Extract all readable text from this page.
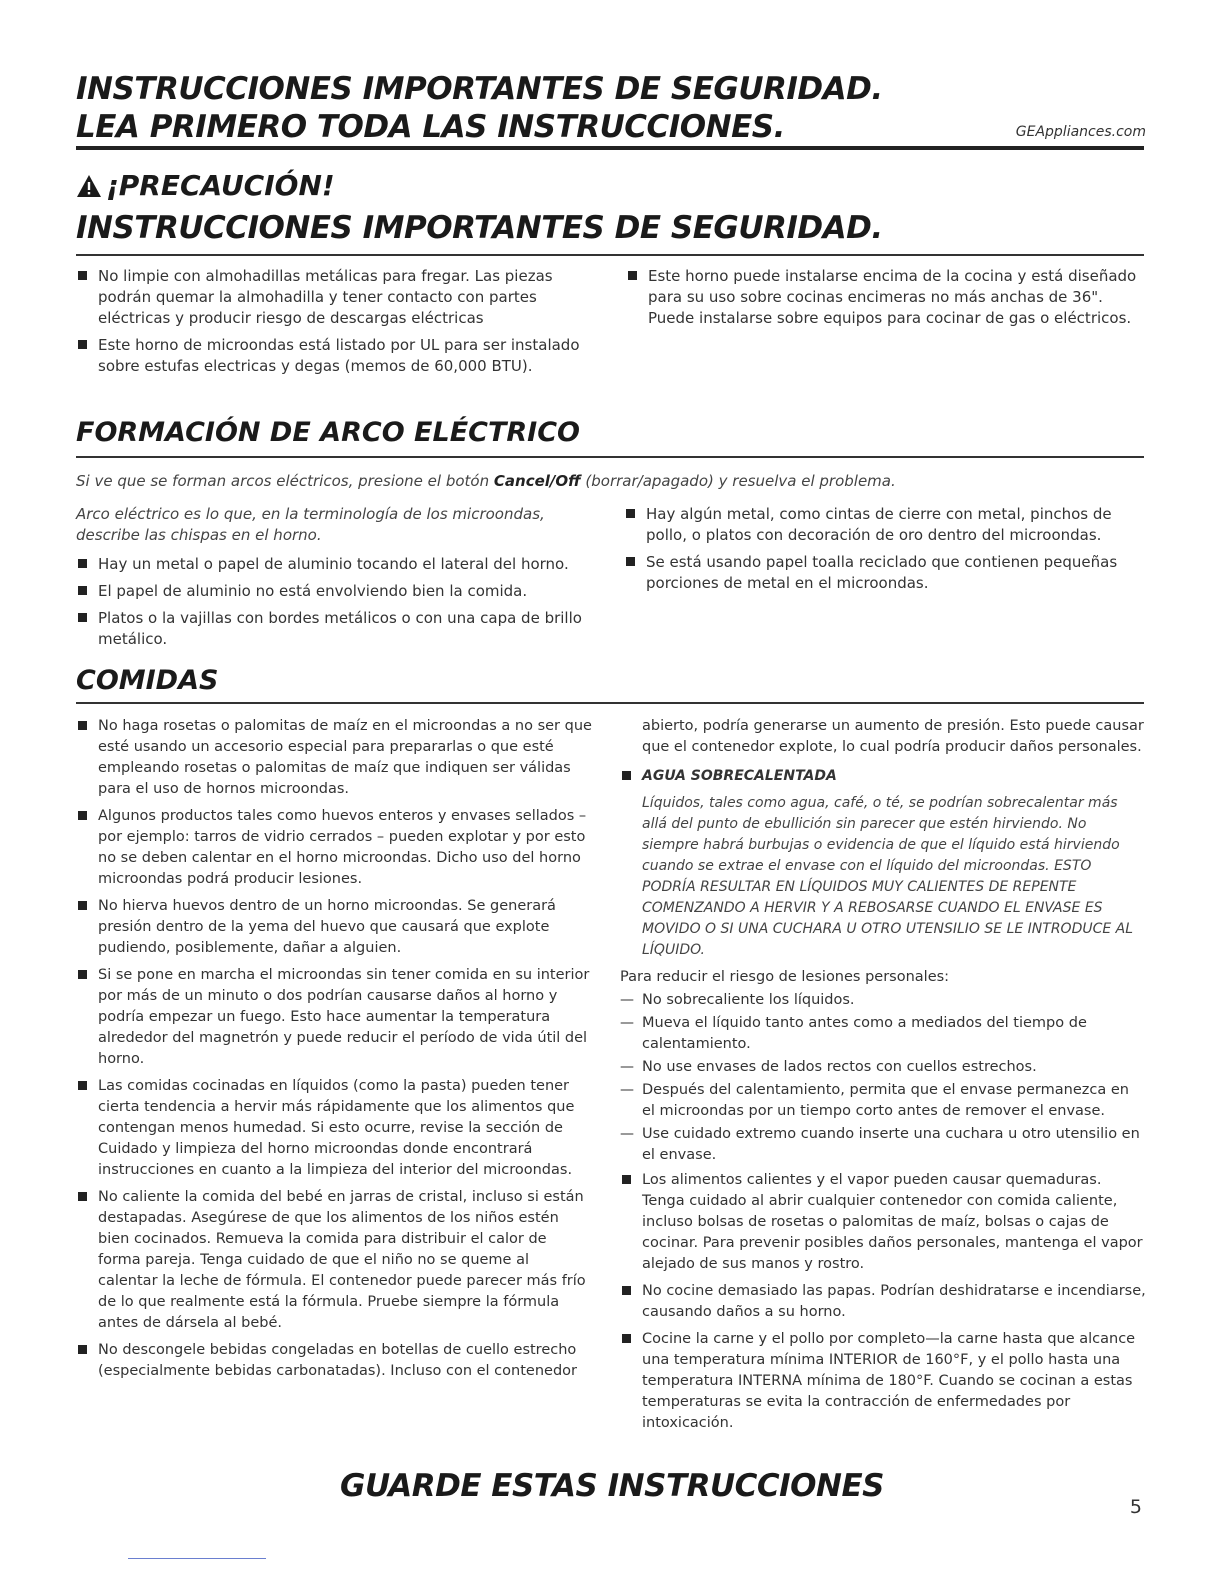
INSTRUCCIONES IMPORTANTES DE SEGURIDAD.
LEA PRIMERO TODA LAS INSTRUCCIONES.	GEAppliances.com
¡PRECAUCIÓN!
INSTRUCCIONES IMPORTANTES DE SEGURIDAD.
No limpie con almohadillas metálicas para fregar. Las piezas podrán quemar la almohadilla y tener contacto con partes eléctricas y producir riesgo de descargas eléctricas
Este horno de microondas está listado por UL para ser instalado sobre estufas electricas y degas (memos de 60,000 BTU).
Este horno puede instalarse encima de la cocina y está diseñado para su uso sobre cocinas encimeras no más anchas de 36". Puede instalarse sobre equipos para cocinar de gas o eléctricos.
FORMACIÓN DE ARCO ELÉCTRICO
Si ve que se forman arcos eléctricos, presione el botón Cancel/Off (borrar/apagado) y resuelva el problema.

Arco eléctrico es lo que, en la terminología de los microondas, describe las chispas en el horno.

Hay un metal o papel de aluminio tocando el lateral del horno.
El papel de aluminio no está envolviendo bien la comida.
Platos o la vajillas con bordes metálicos o con una capa de brillo metálico.
Hay algún metal, como cintas de cierre con metal, pinchos de pollo, o platos con decoración de oro dentro del microondas.
Se está usando papel toalla reciclado que contienen pequeñas porciones de metal en el microondas.
COMIDAS
No haga rosetas o palomitas de maíz en el microondas a no ser que esté usando un accesorio especial para prepararlas o que esté empleando rosetas o palomitas de maíz que indiquen ser válidas para el uso de hornos microondas.
Algunos productos tales como huevos enteros y envases sellados – por ejemplo: tarros de vidrio cerrados – pueden explotar y por esto no se deben calentar en el horno microondas. Dicho uso del horno microondas podrá producir lesiones.
No hierva huevos dentro de un horno microondas. Se generará presión dentro de la yema del huevo que causará que explote pudiendo, posiblemente, dañar a alguien.
Si se pone en marcha el microondas sin tener comida en su interior por más de un minuto o dos podrían causarse daños al horno y podría empezar un fuego. Esto hace aumentar la temperatura alrededor del magnetrón y puede reducir el período de vida útil del horno.
Las comidas cocinadas en líquidos (como la pasta) pueden tener cierta tendencia a hervir más rápidamente que los alimentos que contengan menos humedad. Si esto ocurre, revise la sección de Cuidado y limpieza del horno microondas donde encontrará instrucciones en cuanto a la limpieza del interior del microondas.
No caliente la comida del bebé en jarras de cristal, incluso si están destapadas. Asegúrese de que los alimentos de los niños estén bien cocinados. Remueva la comida para distribuir el calor de forma pareja. Tenga cuidado de que el niño no se queme al calentar la leche de fórmula. El contenedor puede parecer más frío de lo que realmente está la fórmula. Pruebe siempre la fórmula antes de dársela al bebé.
No descongele bebidas congeladas en botellas de cuello estrecho (especialmente bebidas carbonatadas). Incluso con el contenedor

abierto, podría generarse un aumento de presión. Esto puede causar que el contenedor explote, lo cual podría producir daños personales.

AGUA SOBRECALENTADA

Líquidos, tales como agua, café, o té, se podrían sobrecalentar más allá del punto de ebullición sin parecer que estén hirviendo. No siempre habrá burbujas o evidencia de que el líquido está hirviendo cuando se extrae el envase con el líquido del microondas. ESTO PODRÍA RESULTAR EN LÍQUIDOS MUY CALIENTES DE REPENTE COMENZANDO A HERVIR Y A REBOSARSE CUANDO EL ENVASE ES MOVIDO O SI UNA CUCHARA U OTRO UTENSILIO SE LE INTRODUCE AL LÍQUIDO.

Para reducir el riesgo de lesiones personales:

— No sobrecaliente los líquidos.
— Mueva el líquido tanto antes como a mediados del tiempo de calentamiento.
— No use envases de lados rectos con cuellos estrechos.
— Después del calentamiento, permita que el envase permanezca en el microondas por un tiempo corto antes de remover el envase.
— Use cuidado extremo cuando inserte una cuchara u otro utensilio en el envase.
Los alimentos calientes y el vapor pueden causar quemaduras. Tenga cuidado al abrir cualquier contenedor con comida caliente, incluso bolsas de rosetas o palomitas de maíz, bolsas o cajas de cocinar. Para prevenir posibles daños personales, mantenga el vapor alejado de sus manos y rostro.
No cocine demasiado las papas. Podrían deshidratarse e incendiarse, causando daños a su horno.
Cocine la carne y el pollo por completo—la carne hasta que alcance una temperatura mínima INTERIOR de 160°F, y el pollo hasta una temperatura INTERNA mínima de 180°F. Cuando se cocinan a estas temperaturas se evita la contracción de enfermedades por intoxicación.
GUARDE ESTAS INSTRUCCIONES
5
